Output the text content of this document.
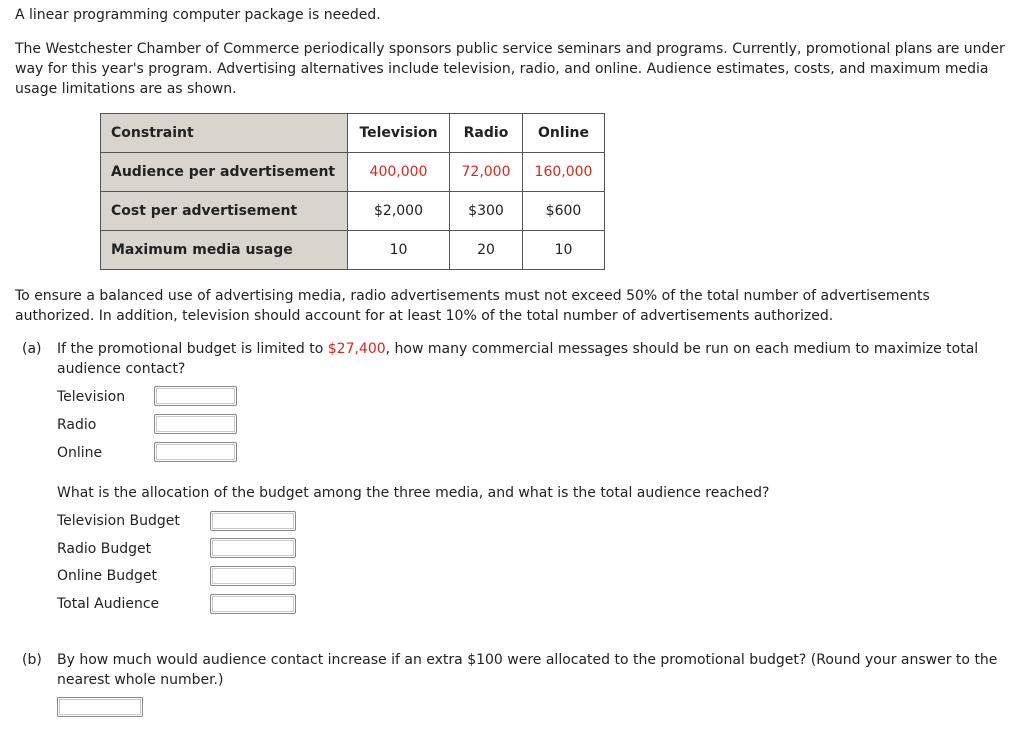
A linear programming computer package is needed.

The Westchester Chamber of Commerce periodically sponsors public service seminars and programs. Currently, promotional plans are under way for this year's program. Advertising alternatives include television, radio, and online. Audience estimates, costs, and maximum media usage limitations are as shown.

Constraint	Television	Radio	Online
Audience per advertisement	400,000	72,000	160,000
Cost per advertisement	$2,000	$300	$600
Maximum media usage	10	20	10

To ensure a balanced use of advertising media, radio advertisements must not exceed 50% of the total number of advertisements authorized. In addition, television should account for at least 10% of the total number of advertisements authorized.

(a) If the promotional budget is limited to $27,400, how many commercial messages should be run on each medium to maximize total audience contact?

Television
Radio
Online

What is the allocation of the budget among the three media, and what is the total audience reached?

Television Budget
Radio Budget
Online Budget
Total Audience
(b) By how much would audience contact increase if an extra $100 were allocated to the promotional budget? (Round your answer to the nearest whole number.)
